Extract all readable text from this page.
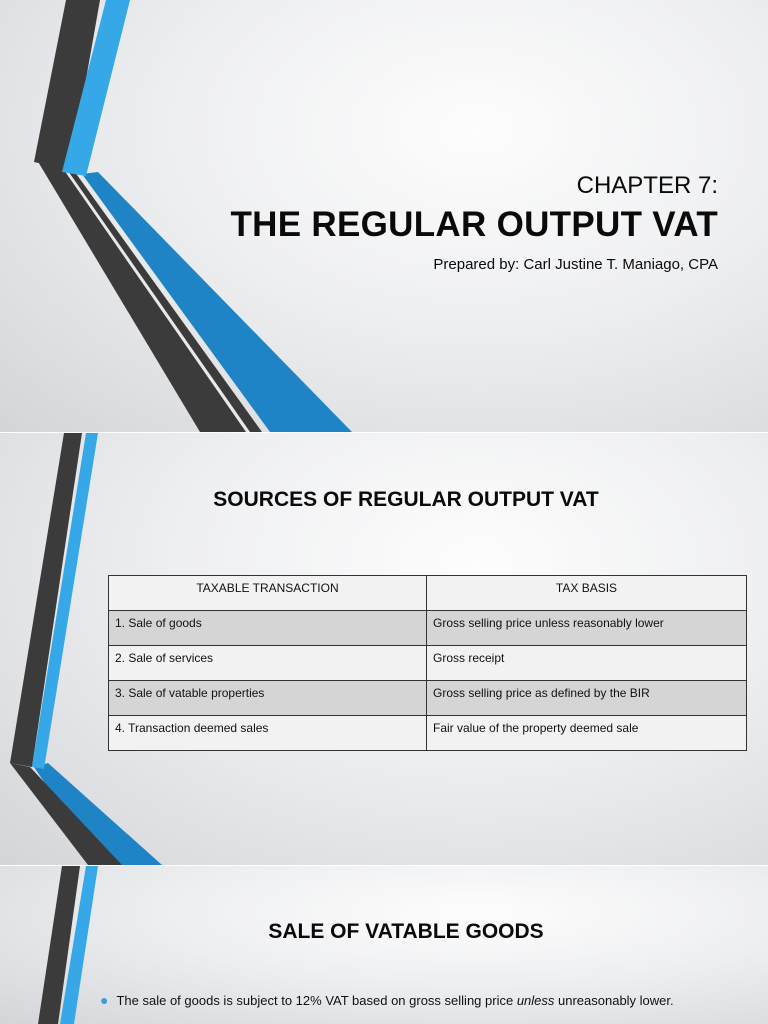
CHAPTER 7:
THE REGULAR OUTPUT VAT
Prepared by: Carl Justine T. Maniago, CPA
SOURCES OF REGULAR OUTPUT VAT
TAXABLE TRANSACTION	TAX BASIS
1. Sale of goods	Gross selling price unless reasonably lower
2. Sale of services	Gross receipt
3. Sale of vatable properties	Gross selling price as defined by the BIR
4. Transaction deemed sales	Fair value of the property deemed sale
SALE OF VATABLE GOODS
● The sale of goods is subject to 12% VAT based on gross selling price unless unreasonably lower.
